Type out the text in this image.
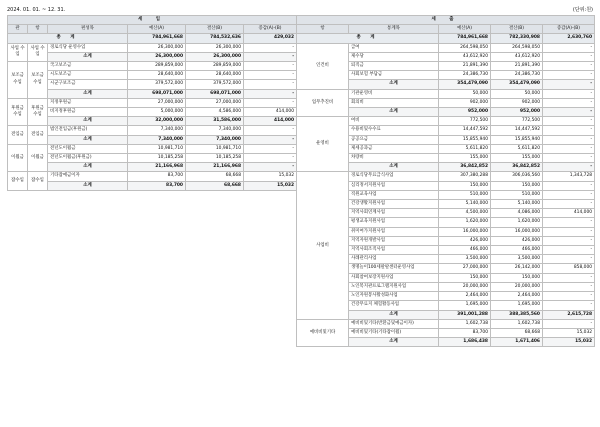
2024. 01. 01. ~ 12. 31.	(단위:원)
세 입					
관	항	편성목	예산(A)	결산(B)	증감(A)-(B)
총 계			784,961,668	784,532,636	429,032
사업 수입	사업 수입	경로식당 운영수입	26,300,000	26,300,000	-
		소계	26,300,000	26,300,000	-
보조금수입	보조금수입	국고보조금	289,859,000	289,859,000	-
		시도보조금	28,640,000	28,640,000	-
		시군구보조금	379,572,000	379,572,000	-
		소계	698,071,000	698,071,000	-
후원금수입	후원금수입	지정후원금	27,000,000	27,000,000	-
		비지정후원금	5,000,000	4,586,000	414,000
		소계	32,000,000	31,586,000	414,000
전입금	전입금	법인전입금(후원금)	7,340,000	7,340,000	-
		소계	7,340,000	7,340,000	-
이월금	이월금	전년도이월금	10,981,710	10,981,710	-
		전년도이월금(후원금)	10,185,258	10,185,258	-
		소계	21,166,968	21,166,968	-
잡수입	잡수입	기타잡예금이자	83,700	68,668	15,032
		소계	83,700	68,668	15,032
세 출				
항	통계목	예산(A)	결산(B)	증감(A)-(B)
총 계		784,961,668	782,330,908	2,630,760
인건비	급여	264,598,050	264,598,050	-
	제수당	43,612,920	43,612,920	-
	퇴직금	21,891,390	21,891,390	-
	사회보험 부담금	24,386,730	24,386,730	-
	소계	354,479,090	354,479,090	-
업무추진비	기관운영비	50,000	50,000	-
	회의비	902,000	902,000	-
	소계	952,000	952,000	-
운영비	여비	772,500	772,500	-
	수용비및수수료	14,447,592	14,447,592	-
	공공요금	15,855,940	15,855,940	-
	제세공과금	5,611,820	5,611,820	-
	차량비	155,000	155,000	-
	소계	36,842,852	36,842,852	-
사업비	경로식당무료급식사업	307,380,288	306,036,560	1,343,728
	심리정서지원사업	150,000	150,000	-
	직원교육사업	510,000	510,000	-
	건강생활지원사업	5,140,000	5,140,000	-
	지역사회연계사업	4,500,000	4,086,000	414,000
	평생교육지원사업	1,620,000	1,620,000	-
	취미여가지원사업	16,000,000	16,000,000	-
	지역자원개발사업	426,000	426,000	-
	지역사회조직사업	466,000	466,000	-
	사례관리사업	3,500,000	3,500,000	-
	생명놀이100세팔팔센터운영사업	27,000,000	26,142,000	858,000
	사회참여보장지원사업	150,000	150,000	-
	노인복지관프로그램지원사업	20,000,000	20,000,000	-
	노인자원봉사활성화사업	2,464,000	2,464,000	-
	건강무료지 체험활동사업	1,695,000	1,695,000	-
	소계	391,001,288	388,385,560	2,615,728
예비비및기타	예비비및기타(반환금및예금이자)	1,602,738	1,602,738	-
	예비비및기타(기타잡이월)	83,700	68,668	15,032
	소계	1,686,438	1,671,406	15,032
